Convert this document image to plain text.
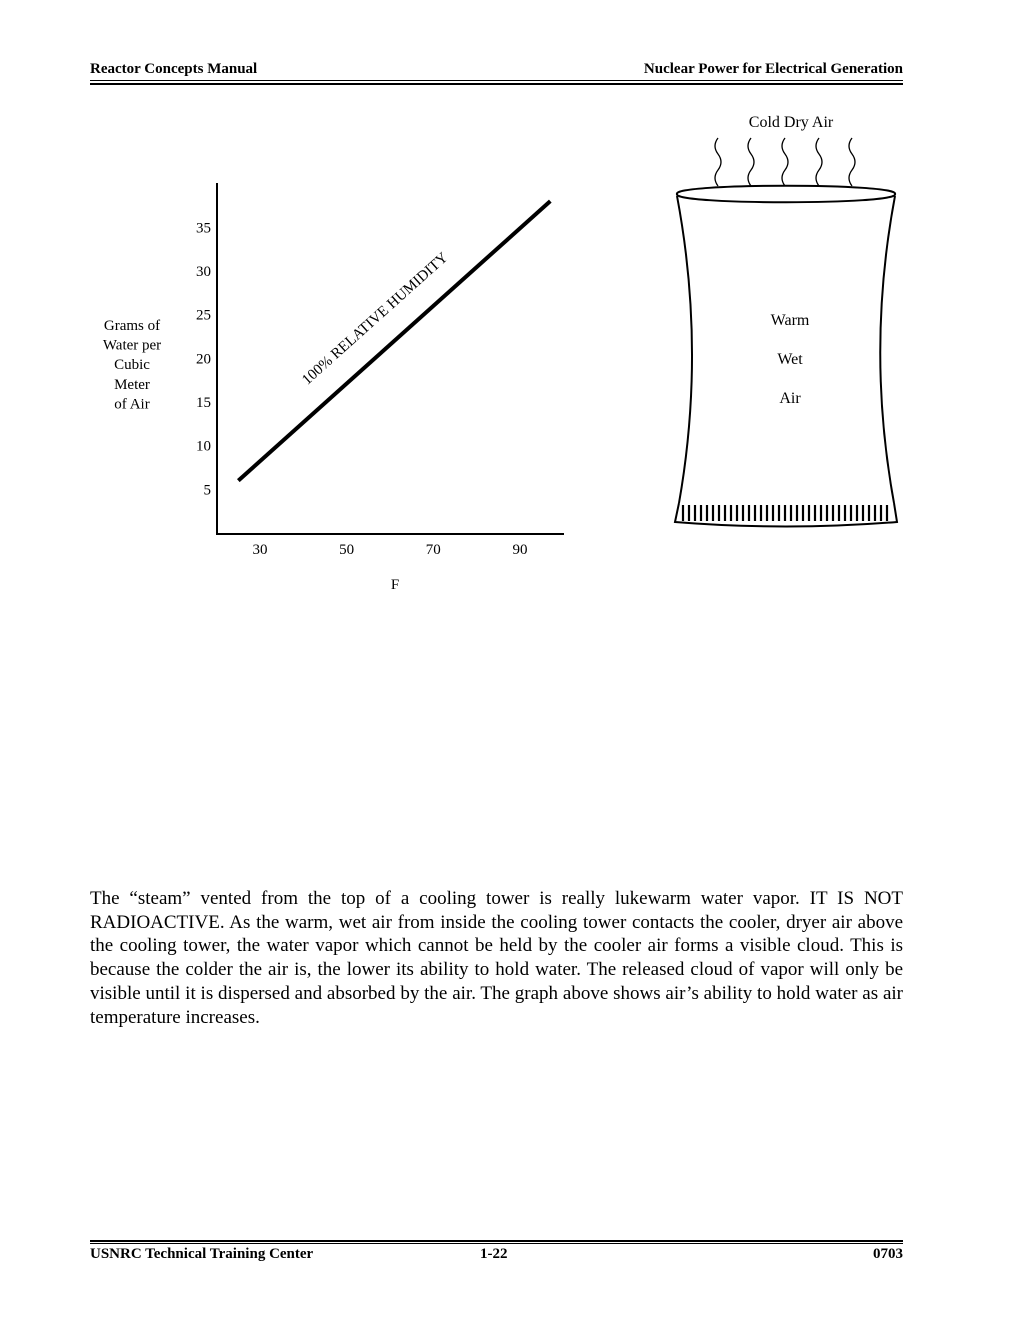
Reactor Concepts Manual	Nuclear Power for Electrical Generation
Grams of
Water per
Cubic
Meter
of Air
35
30
25
20
15
10
5
30	50	70	90
F
100% RELATIVE HUMIDITY
Cold Dry Air
Warm
Wet
Air

The “steam” vented from the top of a cooling tower is really lukewarm water vapor. IT IS NOT RADIOACTIVE. As the warm, wet air from inside the cooling tower contacts the cooler, dryer air above the cooling tower, the water vapor which cannot be held by the cooler air forms a visible cloud. This is because the colder the air is, the lower its ability to hold water. The released cloud of vapor will only be visible until it is dispersed and absorbed by the air. The graph above shows air’s ability to hold water as air temperature increases.

USNRC Technical Training Center	1-22	0703
